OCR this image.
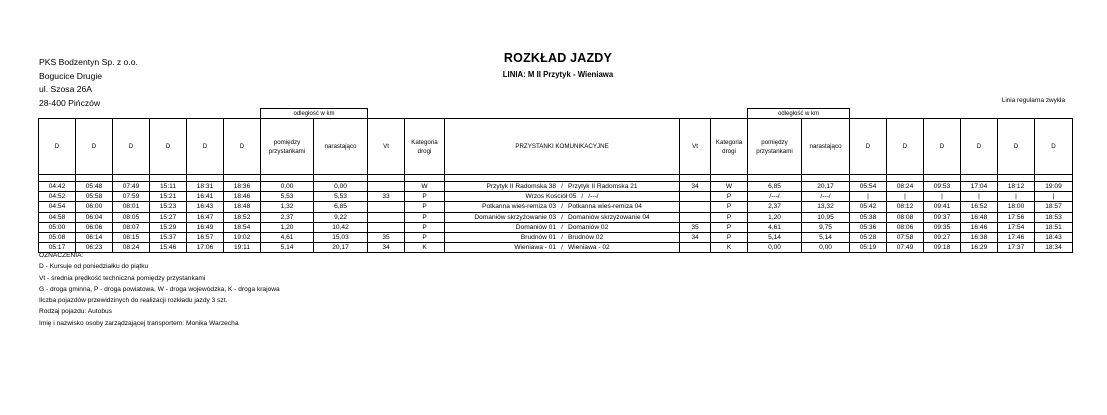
PKS Bodzentyn Sp. z o.o.
Bogucice Drugie
ul. Szosa 26A
28-400 Pińczów
ROZKŁAD JAZDY
LINIA: M II Przytyk - Wieniawa
Linia regularna zwykła
						odległość w km							odległość w km							
D	D	D	D	D	D	pomiędzy przystankami	narastająco	Vt	Kategoria drogi	PRZYSTANKI KOMUNIKACYJNE	Vt	Kategoria drogi	pomiędzy przystankami	narastająco	D	D	D	D	D	D

04:42	05:48	07:49	15:11	18:31	18:36	0,00	0,00		W	Przytyk II Radomska 38 / Przytyk II Radomska 21	34	W	6,85	20,17	05:54	08:24	09:53	17:04	18:12	19:09
04:52	05:58	07:59	15:21	16:41	18:46	5,53	5,53	33	P	Wrzos Kościół 05 / /---/		P	/---/	/---/	|	|	|	|	|	|
04:54	06:00	08:01	15:23	16:43	18:48	1,32	6,85		P	Potkanna wieś-remiza 03 / Potkanna wieś-remiza 04		P	2,37	13,32	05:42	08:12	09:41	16:52	18:00	18:57
04:58	06:04	08:05	15:27	16:47	18:52	2,37	9,22		P	Domaniów skrzyżowanie 03 / Domaniów skrzyżowanie 04		P	1,20	10,95	05:38	08:08	09:37	16:48	17:56	18:53
05:00	06:06	08:07	15:29	16:49	18:54	1,20	10,42		P	Domaniów 01 / Domaniów 02	35	P	4,61	9,75	05:36	08:06	09:35	16:46	17:54	18:51
05:08	06:14	08:15	15:37	16:57	19:02	4,61	15,03	35	P	Brudnów 01 / Brudnów 02	34	P	5,14	5,14	05:28	07:58	09:27	16:38	17:46	18:43
05:17	06:23	08:24	15:46	17:06	19:11	5,14	20,17	34	K	Wieniawa - 01 / Wieniawa - 02		K	0,00	0,00	05:19	07:49	09:18	16:29	17:37	18:34
OZNACZENIA:
D - Kursuje od poniedziałku do piątku
Vt - średnia prędkość techniczna pomiędzy przystankami
G - droga gminna, P - droga powiatowa, W - droga wojewódzka, K - droga krajowa
Ilczba pojazdów przewidzinych do realizacji rozkładu jazdy 3 szt.
Rodzaj pojazdu: Autobus
Imię i nazwisko osoby zarządzającej transportem: Monika Warzecha
